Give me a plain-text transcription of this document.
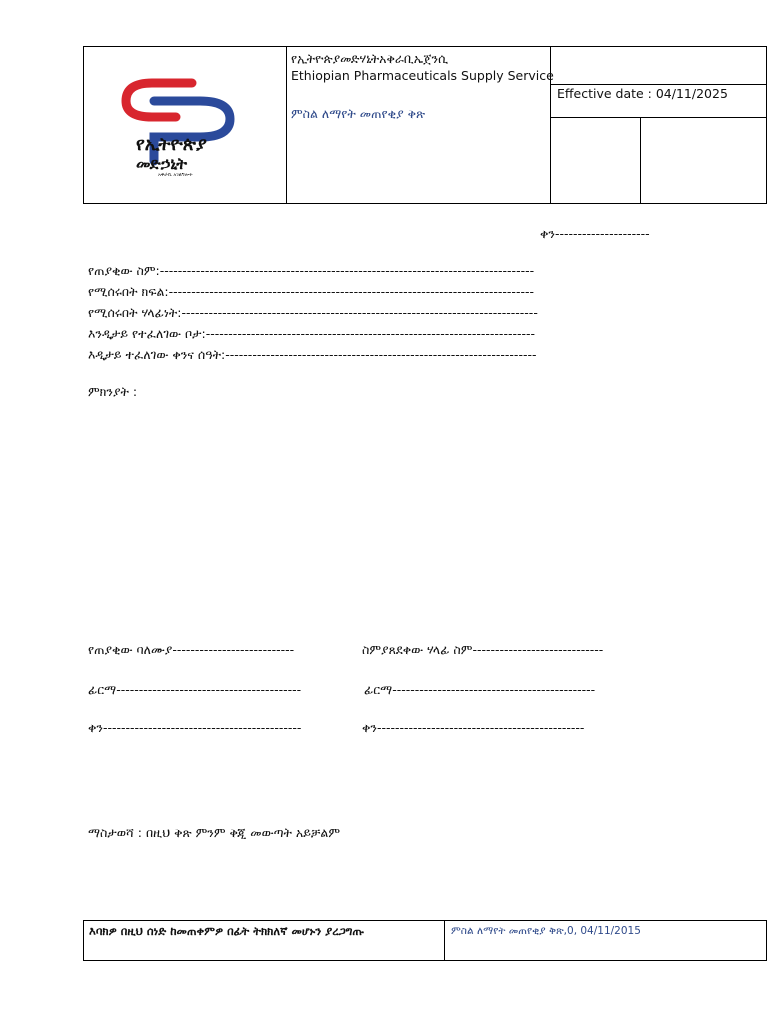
የኢትዮጵያ
መድኃኒት
አቅራቢ አገልግሎት
የኢትዮጵያመድሃኒትአቅራቢኤጀንሲ
Ethiopian Pharmaceuticals Supply Service
ምስል ለማየት መጠየቂያ ቅጽ
Effective date : 04/11/2025
ቀን---------------------
የጠያቂው ስም:-----------------------------------------------------------------------------------
የሚሰሩበት ክፍል:---------------------------------------------------------------------------------
የሚሰሩበት ሃላፊነት:-------------------------------------------------------------------------------
እንዲታይ የተፈለገው ቦታ:-------------------------------------------------------------------------
እዲታይ ተፈለገው ቀንና ሰዓት:---------------------------------------------------------------------
ምክንያት :
የጠያቂው ባለሙያ---------------------------	ስምያጸደቀው ሃላፊ ስም-----------------------------
ፊርማ-----------------------------------------	ፊርማ---------------------------------------------
ቀን--------------------------------------------	ቀን----------------------------------------------
ማስታወሻ : በዚህ ቅጽ ምንም ቅጂ መውጣት አይቻልም
እባክዎ በዚህ ሰነድ ከመጠቀምዎ በፊት ትክክለኛ መሆኑን ያረጋግጡ	ምስል ለማየት መጠየቂያ ቅጽ,0, 04/11/2015
